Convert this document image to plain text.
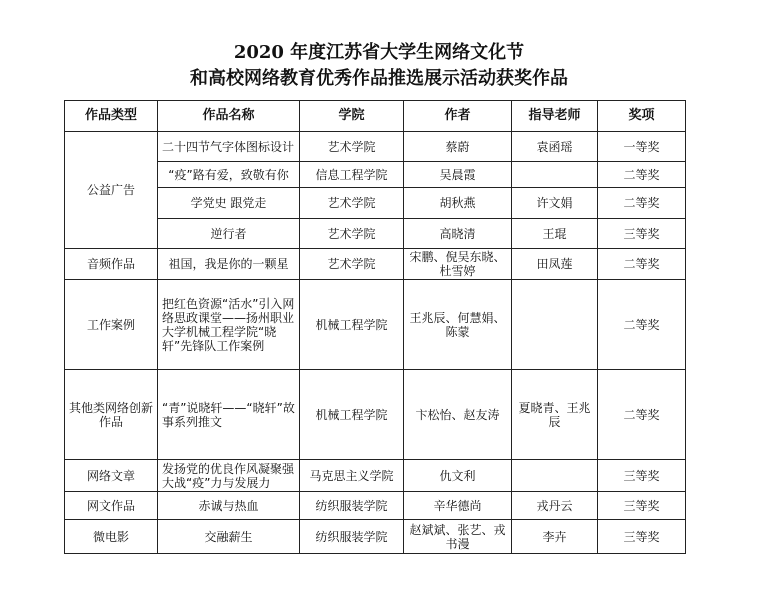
2020 年度江苏省大学生网络文化节
和高校网络教育优秀作品推选展示活动获奖作品
作品类型	作品名称	学院	作者	指导老师	奖项
公益广告	二十四节气字体图标设计	艺术学院	蔡蔚	袁函瑶	一等奖
	“疫”路有爱，致敬有你	信息工程学院	吴晨霞		二等奖
	学党史 跟党走	艺术学院	胡秋燕	许文娟	二等奖
	逆行者	艺术学院	高晓清	王琨	三等奖
音频作品	祖国，我是你的一颗星	艺术学院	宋鹏、倪吴东晓、杜雪婷	田凤莲	二等奖
工作案例	把红色资源“活水”引入网络思政课堂——扬州职业大学机械工程学院“晓轩”先锋队工作案例	机械工程学院	王兆辰、何慧娟、陈蒙		二等奖
其他类网络创新作品	“青”说晓轩——“晓轩”故事系列推文	机械工程学院	卞松怡、赵友涛	夏晓青、王兆辰	二等奖
网络文章	发扬党的优良作风凝聚强大战“疫”力与发展力	马克思主义学院	仇文利		三等奖
网文作品	赤诚与热血	纺织服装学院	辛华德尚	戎丹云	三等奖
微电影	交融薪生	纺织服装学院	赵斌斌、张艺、戎书漫	李卉	三等奖
